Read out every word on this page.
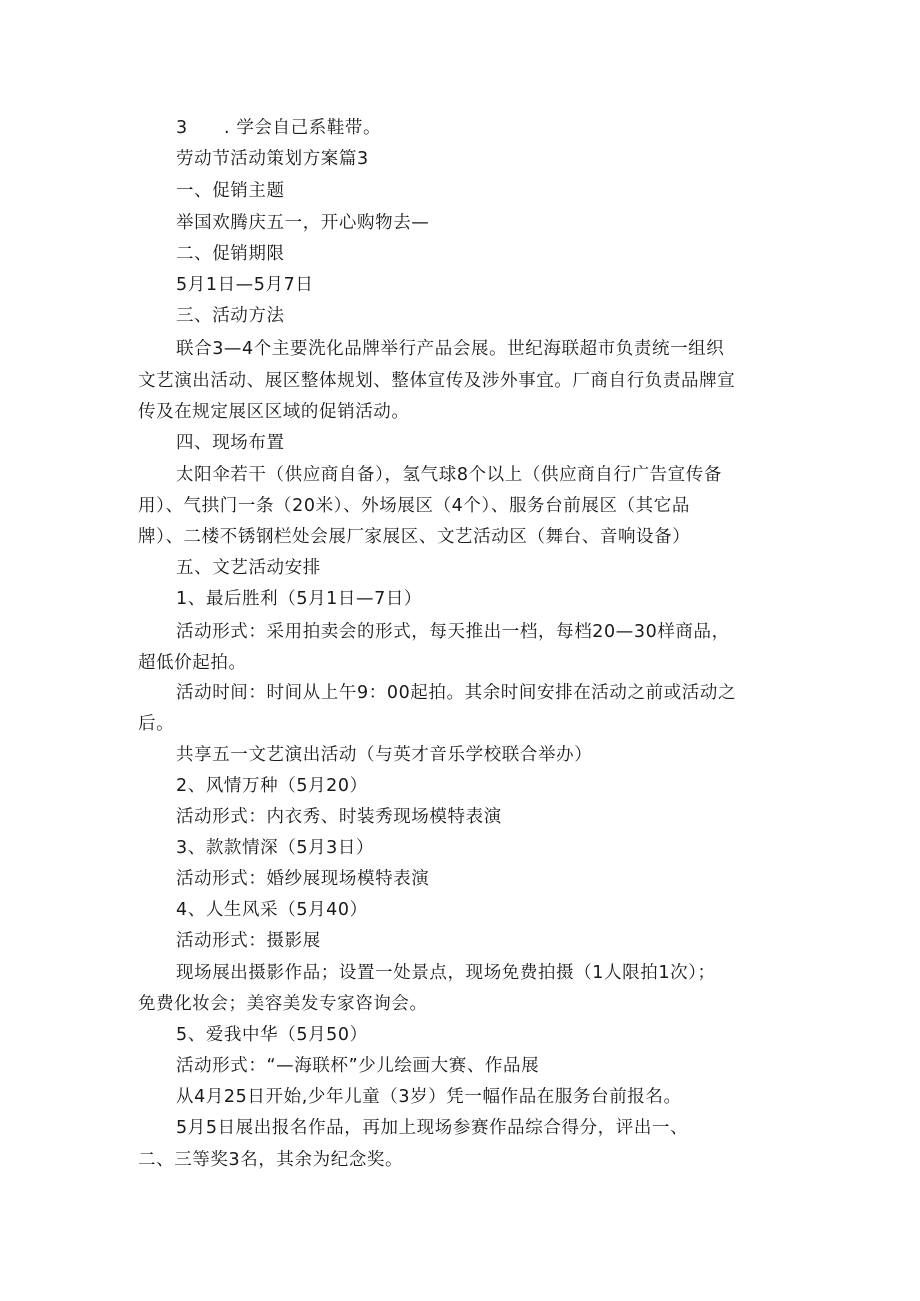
3 . 学会自己系鞋带。
劳动节活动策划方案篇3
一、促销主题
举国欢腾庆五一，开心购物去—
二、促销期限
5月1日—5月7日
三、活动方法
联合3—4个主要洗化品牌举行产品会展。世纪海联超市负责统一组织
文艺演出活动、展区整体规划、整体宣传及涉外事宜。厂商自行负责品牌宣
传及在规定展区区域的促销活动。
四、现场布置
太阳伞若干（供应商自备），氢气球8个以上（供应商自行广告宣传备
用）、气拱门一条（20米）、外场展区（4个）、服务台前展区（其它品
牌）、二楼不锈钢栏处会展厂家展区、文艺活动区（舞台、音响设备）
五、文艺活动安排
1、最后胜利（5月1日—7日）
活动形式：采用拍卖会的形式，每天推出一档，每档20—30样商品，
超低价起拍。
活动时间：时间从上午9：00起拍。其余时间安排在活动之前或活动之
后。
共享五一文艺演出活动（与英才音乐学校联合举办）
2、风情万种（5月20）
活动形式：内衣秀、时装秀现场模特表演
3、款款情深（5月3日）
活动形式：婚纱展现场模特表演
4、人生风采（5月40）
活动形式：摄影展
现场展出摄影作品；设置一处景点，现场免费拍摄（1人限拍1次）；
免费化妆会；美容美发专家咨询会。
5、爱我中华（5月50）
活动形式：“—海联杯”少儿绘画大赛、作品展
从4月25日开始,少年儿童（3岁）凭一幅作品在服务台前报名。
5月5日展出报名作品，再加上现场参赛作品综合得分，评出一、
二、三等奖3名，其余为纪念奖。
